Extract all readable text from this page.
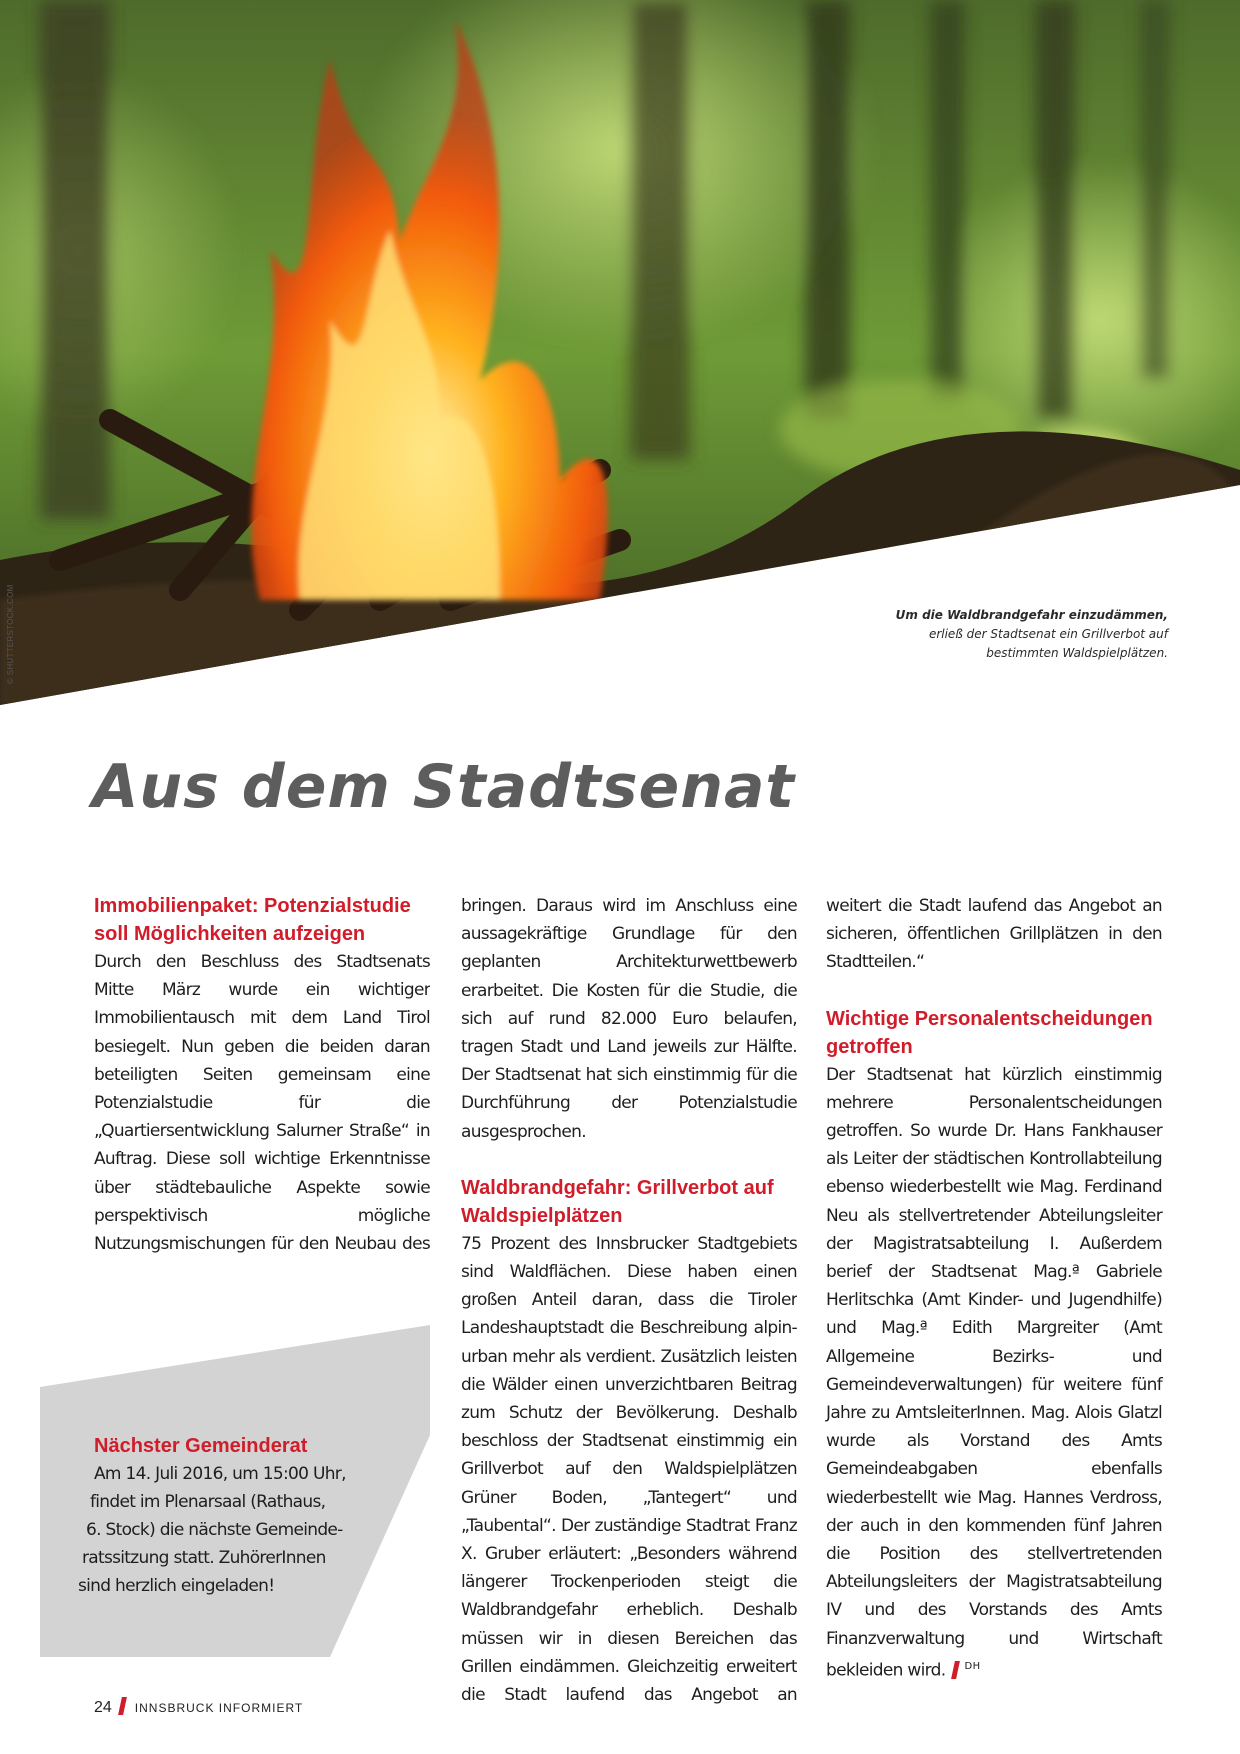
© SHUTTERSTOCK.COM	Um die Waldbrandgefahr einzudämmen, erließ der Stadtsenat ein Grillverbot auf bestimmten Waldspielplätzen.
Aus dem Stadtsenat
Immobilienpaket: Potenzialstudie soll Möglichkeiten aufzeigen

Durch den Beschluss des Stadtsenats Mitte März wurde ein wichtiger Immobilientausch mit dem Land Tirol besiegelt. Nun geben die beiden daran beteiligten Seiten gemeinsam eine Potenzialstudie für die „Quartiersentwicklung Salurner Straße“ in Auftrag. Diese soll wichtige Erkenntnisse über städtebauliche Aspekte sowie perspektivisch mögliche Nutzungsmischungen für den Neubau des

Nächster Gemeinderat

Am 14. Juli 2016, um 15:00 Uhr,

findet im Plenarsaal (Rathaus,

6. Stock) die nächste Gemeinde-

ratssitzung statt. ZuhörerInnen

sind herzlich eingeladen!

bringen. Daraus wird im Anschluss eine aussagekräftige Grundlage für den geplanten Architekturwettbewerb erarbeitet. Die Kosten für die Studie, die sich auf rund 82.000 Euro belaufen, tragen Stadt und Land jeweils zur Hälfte. Der Stadtsenat hat sich einstimmig für die Durchführung der Potenzialstudie ausgesprochen.

Waldbrandgefahr: Grillverbot auf Waldspielplätzen

75 Prozent des Innsbrucker Stadtgebiets sind Waldflächen. Diese haben einen großen Anteil daran, dass die Tiroler Landeshauptstadt die Beschreibung alpin-urban mehr als verdient. Zusätzlich leisten die Wälder einen unverzichtbaren Beitrag zum Schutz der Bevölkerung. Deshalb beschloss der Stadtsenat einstimmig ein Grillverbot auf den Waldspielplätzen Grüner Boden, „Tantegert“ und „Taubental“. Der zuständige Stadtrat Franz X. Gruber erläutert: „Besonders während längerer Trockenperioden steigt die Waldbrandgefahr erheblich. Deshalb müssen wir in diesen Bereichen das Grillen eindämmen. Gleichzeitig erweitert die Stadt laufend das Angebot an

weitert die Stadt laufend das Angebot an sicheren, öffentlichen Grillplätzen in den Stadtteilen.“

Wichtige Personalentscheidungen getroffen

Der Stadtsenat hat kürzlich einstimmig mehrere Personalentscheidungen getroffen. So wurde Dr. Hans Fankhauser als Leiter der städtischen Kontrollabteilung ebenso wiederbestellt wie Mag. Ferdinand Neu als stellvertretender Abteilungsleiter der Magistratsabteilung I. Außerdem berief der Stadtsenat Mag.ª Gabriele Herlitschka (Amt Kinder- und Jugendhilfe) und Mag.ª Edith Margreiter (Amt Allgemeine Bezirks- und Gemeindeverwaltungen) für weitere fünf Jahre zu AmtsleiterInnen. Mag. Alois Glatzl wurde als Vorstand des Amts Gemeindeabgaben ebenfalls wiederbestellt wie Mag. Hannes Verdross, der auch in den kommenden fünf Jahren die Position des stellvertretenden Abteilungsleiters der Magistratsabteilung IV und des Vorstands des Amts Finanzverwaltung und Wirtschaft bekleiden wird. $^{DH}$

24 INNSBRUCK INFORMIERT
